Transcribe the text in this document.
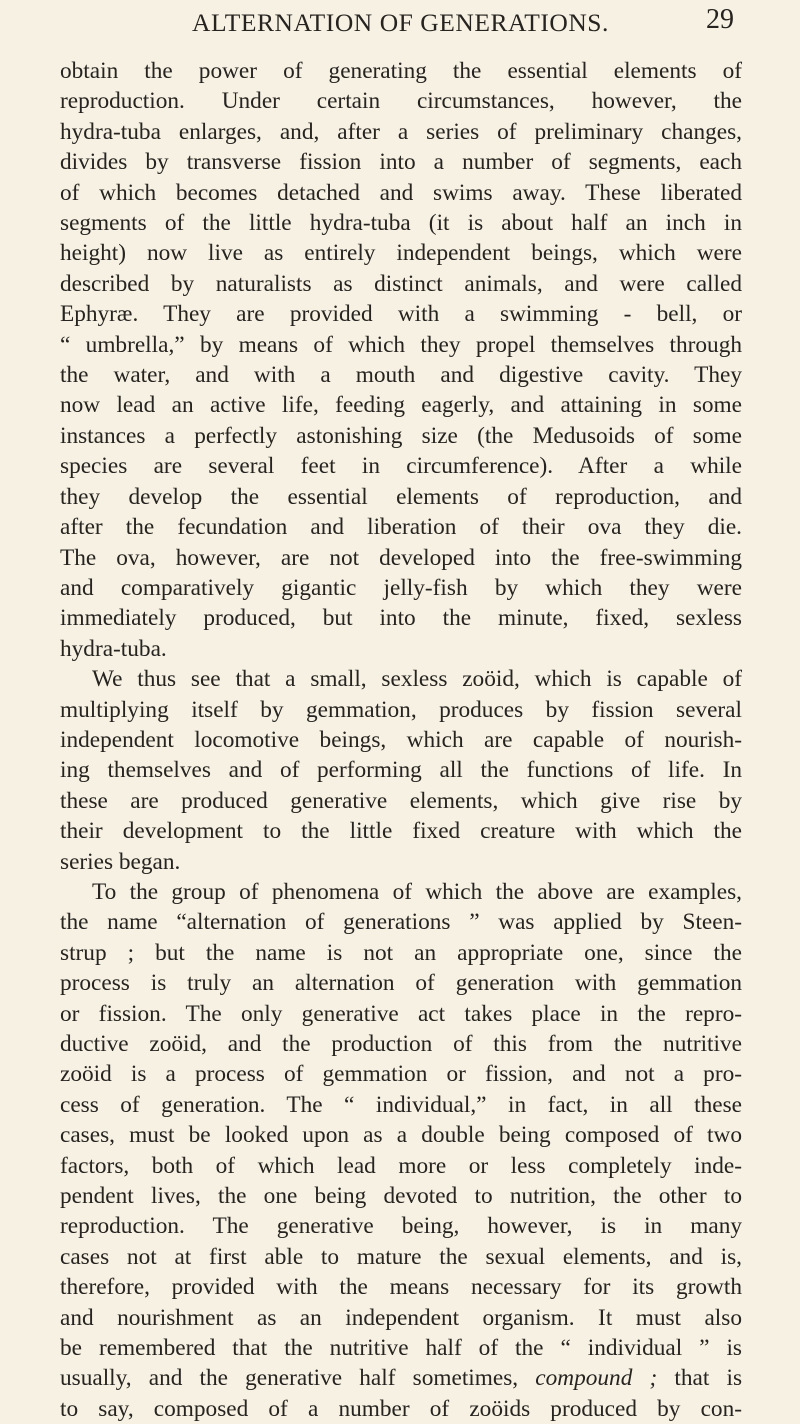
ALTERNATION OF GENERATIONS.	29
obtain the power of generating the essential elements of
reproduction. Under certain circumstances, however, the
hydra-tuba enlarges, and, after a series of preliminary changes,
divides by transverse fission into a number of segments, each
of which becomes detached and swims away. These liberated
segments of the little hydra-tuba (it is about half an inch in
height) now live as entirely independent beings, which were
described by naturalists as distinct animals, and were called
Ephyræ. They are provided with a swimming - bell, or
“ umbrella,” by means of which they propel themselves through
the water, and with a mouth and digestive cavity. They
now lead an active life, feeding eagerly, and attaining in some
instances a perfectly astonishing size (the Medusoids of some
species are several feet in circumference). After a while
they develop the essential elements of reproduction, and
after the fecundation and liberation of their ova they die.
The ova, however, are not developed into the free-swimming
and comparatively gigantic jelly-fish by which they were
immediately produced, but into the minute, fixed, sexless
hydra-tuba.
We thus see that a small, sexless zoöid, which is capable of
multiplying itself by gemmation, produces by fission several
independent locomotive beings, which are capable of nourish-
ing themselves and of performing all the functions of life. In
these are produced generative elements, which give rise by
their development to the little fixed creature with which the
series began.
To the group of phenomena of which the above are examples,
the name “alternation of generations ” was applied by Steen-
strup ; but the name is not an appropriate one, since the
process is truly an alternation of generation with gemmation
or fission. The only generative act takes place in the repro-
ductive zoöid, and the production of this from the nutritive
zoöid is a process of gemmation or fission, and not a pro-
cess of generation. The “ individual,” in fact, in all these
cases, must be looked upon as a double being composed of two
factors, both of which lead more or less completely inde-
pendent lives, the one being devoted to nutrition, the other to
reproduction. The generative being, however, is in many
cases not at first able to mature the sexual elements, and is,
therefore, provided with the means necessary for its growth
and nourishment as an independent organism. It must also
be remembered that the nutritive half of the “ individual ” is
usually, and the generative half sometimes, compound ; that is
to say, composed of a number of zoöids produced by con-
